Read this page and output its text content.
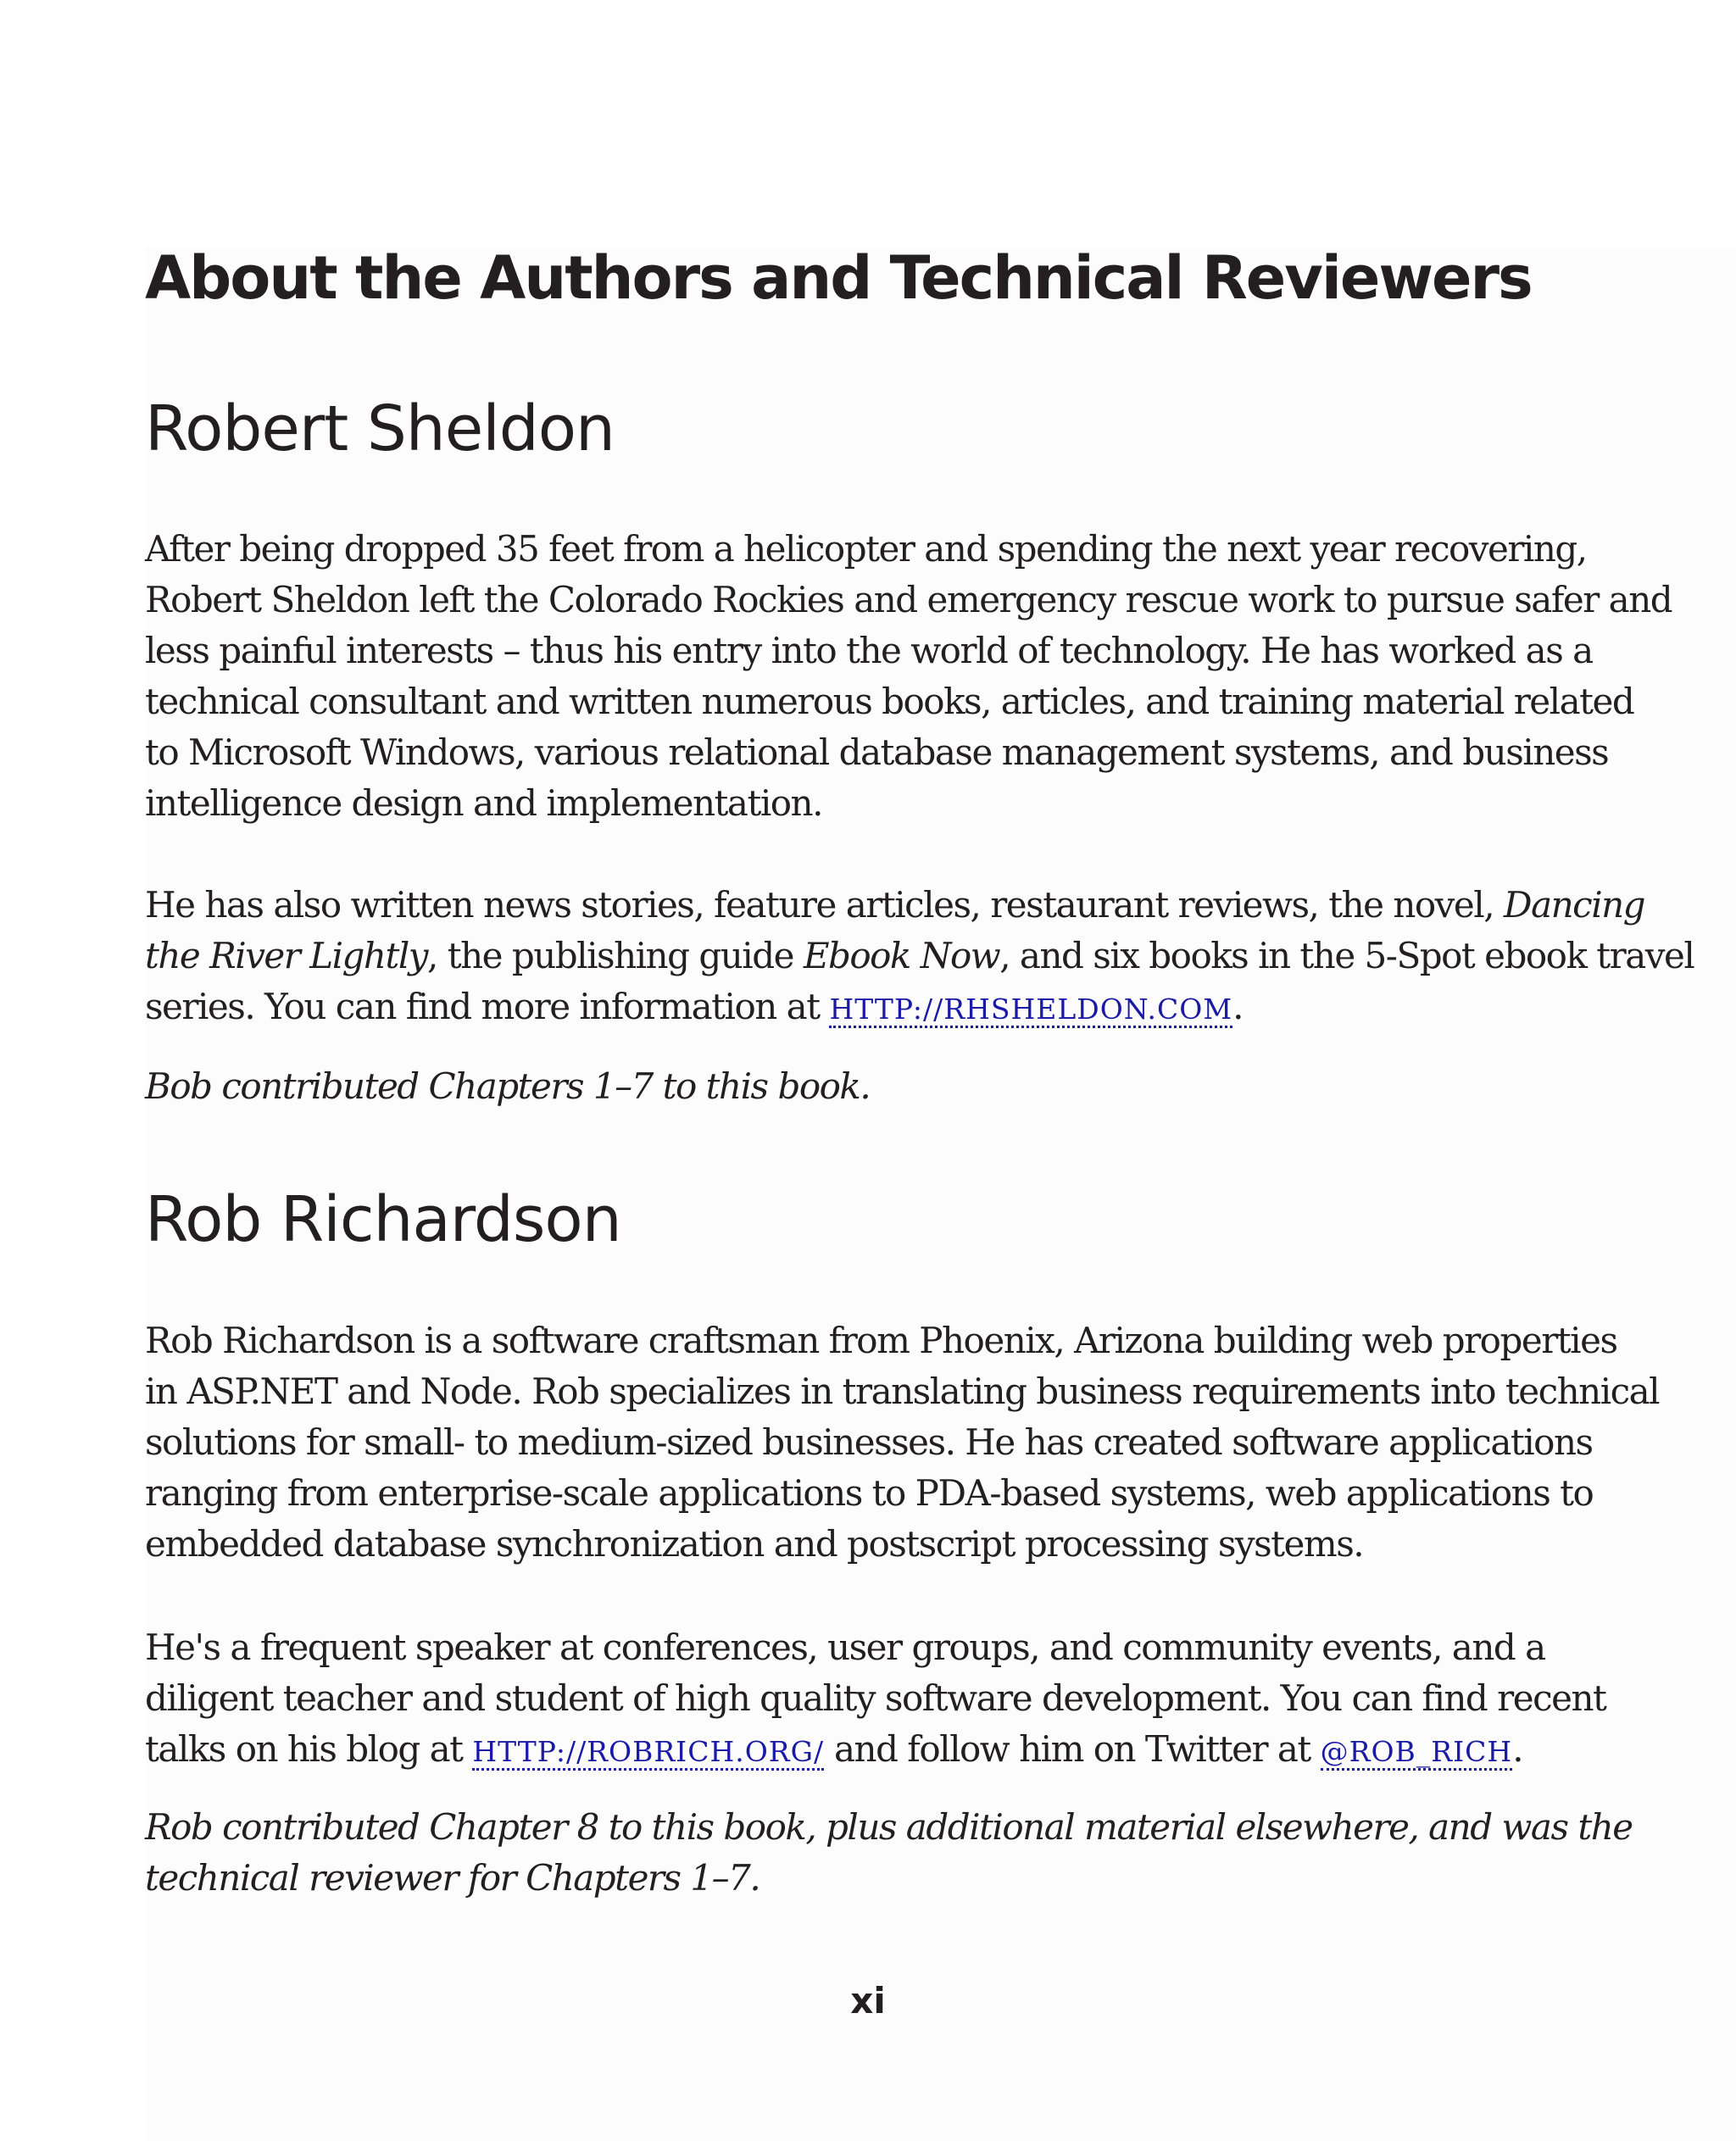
About the Authors and Technical Reviewers
Robert Sheldon

After being dropped 35 feet from a helicopter and spending the next year recovering,
Robert Sheldon left the Colorado Rockies and emergency rescue work to pursue safer and
less painful interests – thus his entry into the world of technology. He has worked as a
technical consultant and written numerous books, articles, and training material related
to Microsoft Windows, various relational database management systems, and business
intelligence design and implementation.

He has also written news stories, feature articles, restaurant reviews, the novel, Dancing
the River Lightly, the publishing guide Ebook Now, and six books in the 5-Spot ebook travel
series. You can find more information at HTTP://RHSHELDON.COM.

Bob contributed Chapters 1–7 to this book.

Rob Richardson

Rob Richardson is a software craftsman from Phoenix, Arizona building web properties
in ASP.NET and Node. Rob specializes in translating business requirements into technical
solutions for small- to medium-sized businesses. He has created software applications
ranging from enterprise-scale applications to PDA-based systems, web applications to
embedded database synchronization and postscript processing systems.

He's a frequent speaker at conferences, user groups, and community events, and a
diligent teacher and student of high quality software development. You can find recent
talks on his blog at HTTP://ROBRICH.ORG/ and follow him on Twitter at @ROB_RICH.

Rob contributed Chapter 8 to this book, plus additional material elsewhere, and was the
technical reviewer for Chapters 1–7.

xi
